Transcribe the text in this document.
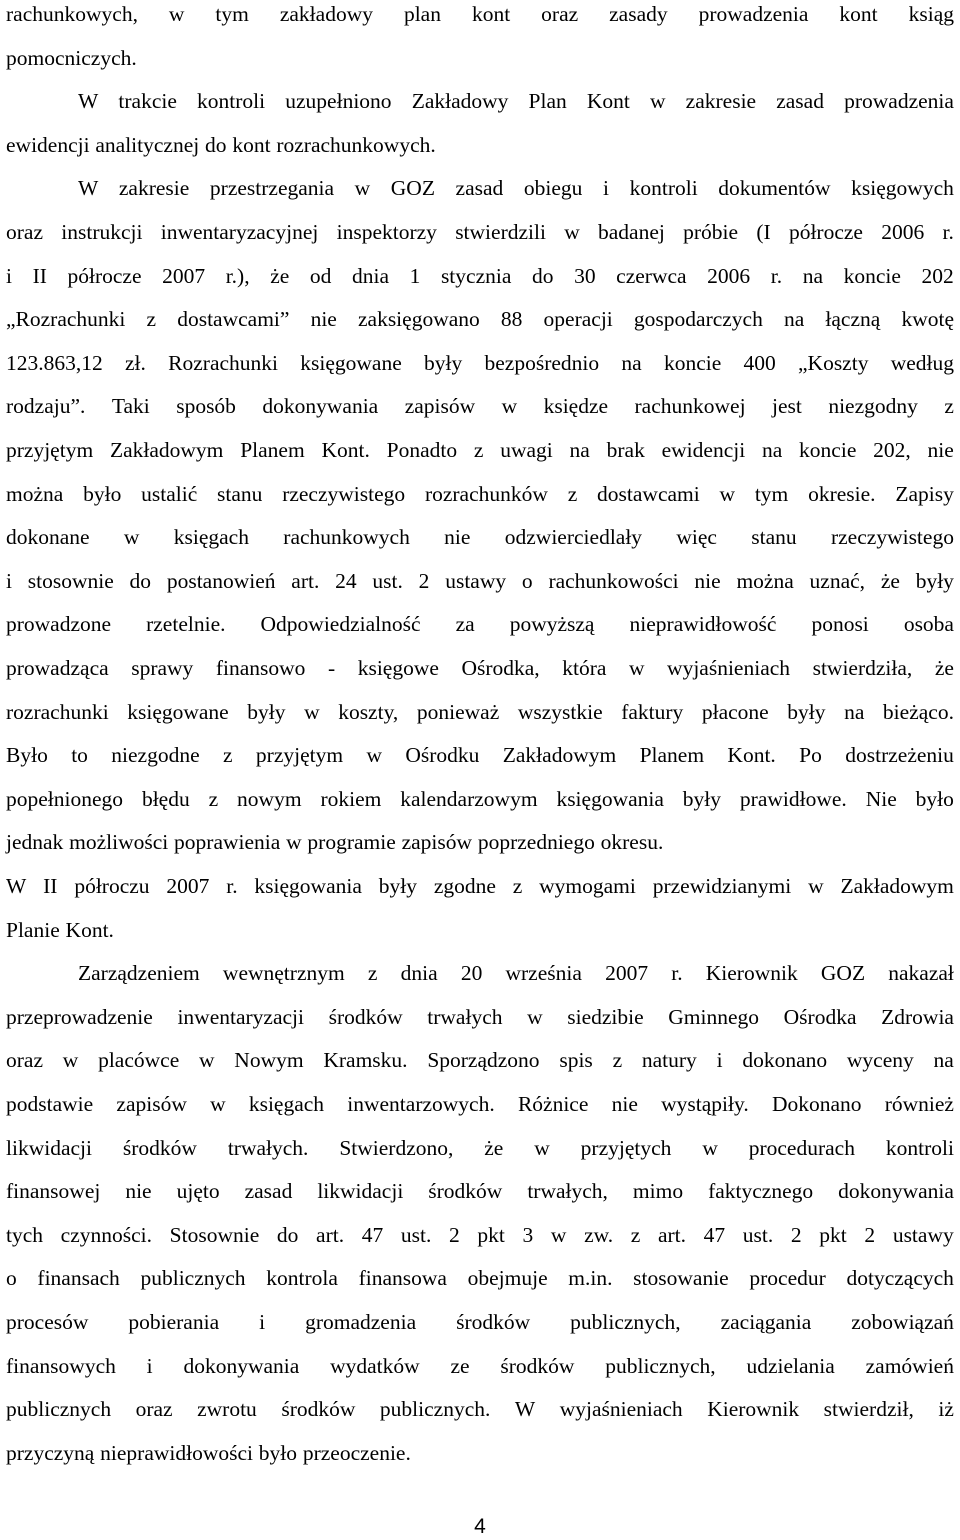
rachunkowych, w tym zakładowy plan kont oraz zasady prowadzenia kont ksiąg
pomocniczych.
W trakcie kontroli uzupełniono Zakładowy Plan Kont w zakresie zasad prowadzenia
ewidencji analitycznej do kont rozrachunkowych.
W zakresie przestrzegania w GOZ zasad obiegu i kontroli dokumentów księgowych
oraz instrukcji inwentaryzacyjnej inspektorzy stwierdzili w badanej próbie (I półrocze 2006 r.
i II półrocze 2007 r.), że od dnia 1 stycznia do 30 czerwca 2006 r. na koncie 202
„Rozrachunki z dostawcami” nie zaksięgowano 88 operacji gospodarczych na łączną kwotę
123.863,12 zł. Rozrachunki księgowane były bezpośrednio na koncie 400 „Koszty według
rodzaju”. Taki sposób dokonywania zapisów w księdze rachunkowej jest niezgodny z
przyjętym Zakładowym Planem Kont. Ponadto z uwagi na brak ewidencji na koncie 202, nie
można było ustalić stanu rzeczywistego rozrachunków z dostawcami w tym okresie. Zapisy
dokonane w księgach rachunkowych nie odzwierciedlały więc stanu rzeczywistego
i stosownie do postanowień art. 24 ust. 2 ustawy o rachunkowości nie można uznać, że były
prowadzone rzetelnie. Odpowiedzialność za powyższą nieprawidłowość ponosi osoba
prowadząca sprawy finansowo - księgowe Ośrodka, która w wyjaśnieniach stwierdziła, że
rozrachunki księgowane były w koszty, ponieważ wszystkie faktury płacone były na bieżąco.
Było to niezgodne z przyjętym w Ośrodku Zakładowym Planem Kont. Po dostrzeżeniu
popełnionego błędu z nowym rokiem kalendarzowym księgowania były prawidłowe. Nie było
jednak możliwości poprawienia w programie zapisów poprzedniego okresu.
W II półroczu 2007 r. księgowania były zgodne z wymogami przewidzianymi w Zakładowym
Planie Kont.
Zarządzeniem wewnętrznym z dnia 20 września 2007 r. Kierownik GOZ nakazał
przeprowadzenie inwentaryzacji środków trwałych w siedzibie Gminnego Ośrodka Zdrowia
oraz w placówce w Nowym Kramsku. Sporządzono spis z natury i dokonano wyceny na
podstawie zapisów w księgach inwentarzowych. Różnice nie wystąpiły. Dokonano również
likwidacji środków trwałych. Stwierdzono, że w przyjętych w procedurach kontroli
finansowej nie ujęto zasad likwidacji środków trwałych, mimo faktycznego dokonywania
tych czynności. Stosownie do art. 47 ust. 2 pkt 3 w zw. z art. 47 ust. 2 pkt 2 ustawy
o finansach publicznych kontrola finansowa obejmuje m.in. stosowanie procedur dotyczących
procesów pobierania i gromadzenia środków publicznych, zaciągania zobowiązań
finansowych i dokonywania wydatków ze środków publicznych, udzielania zamówień
publicznych oraz zwrotu środków publicznych. W wyjaśnieniach Kierownik stwierdził, iż
przyczyną nieprawidłowości było przeoczenie.
4
